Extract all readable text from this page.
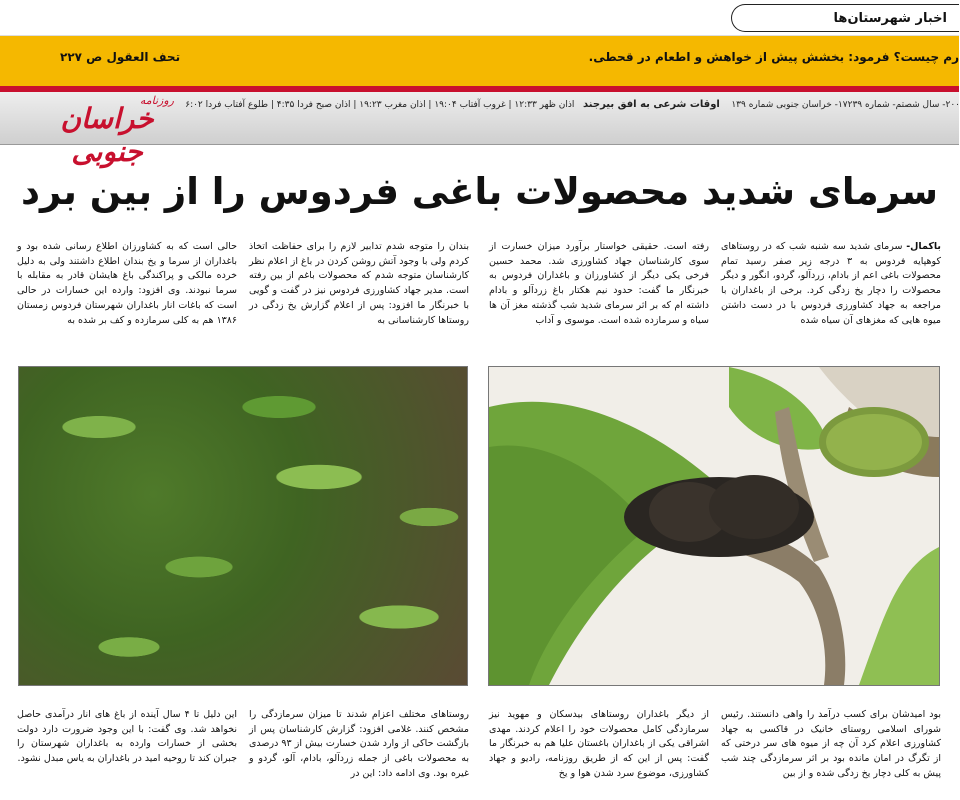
اخبار شهرستان‌ها
رم چیست؟ فرمود: بخشش پیش از خواهش و اطعام در قحطی.
تحف العقول ص ۲۲۷
۲۰۰- سال شصتم- شماره ۱۷۲۳۹- خراسان جنوبی شماره ۱۳۹    اوقات شرعی به افق بیرجند   اذان ظهر ۱۲:۳۳ | غروب آفتاب ۱۹:۰۴ | اذان مغرب ۱۹:۲۳ | اذان صبح فردا ۴:۳۵ | طلوع آفتاب فردا ۶:۰۲
روزنامه
خراسان جنوبی
سرمای شدید محصولات باغی فردوس را از بین برد
باکمال- سرمای شدید سه شنبه شب که در روستاهای کوهپایه فردوس به ۳ درجه زیر صفر رسید تمام محصولات باغی اعم از بادام، زردآلو، گردو، انگور و دیگر محصولات را دچار یخ زدگی کرد. برخی از باغداران با مراجعه به جهاد کشاورزی فردوس با در دست داشتن میوه هایی که مغزهای آن سیاه شده
رفته است. حقیقی خواستار برآورد میزان خسارت از سوی کارشناسان جهاد کشاورزی شد. محمد حسین فرخی یکی دیگر از کشاورزان و باغداران فردوس به خبرنگار ما گفت: حدود نیم هکتار باغ زردآلو و بادام داشته ام که بر اثر سرمای شدید شب گذشته مغز آن ها سیاه و سرمازده شده است. موسوی و آداب
بندان را متوجه شدم تدابیر لازم را برای حفاظت اتخاذ کردم ولی با وجود آتش روشن کردن در باغ از اعلام نظر کارشناسان متوجه شدم که محصولات باغم از بین رفته است. مدیر جهاد کشاورزی فردوس نیز در گفت و گویی با خبرنگار ما افزود: پس از اعلام گزارش یخ زدگی در روستاها کارشناسانی به
حالی است که به کشاورزان اطلاع رسانی شده بود و باغداران از سرما و یخ بندان اطلاع داشتند ولی به دلیل خرده مالکی و پراکندگی باغ هایشان قادر به مقابله با سرما نبودند. وی افزود: وارده این خسارات در حالی است که باغات انار باغداران شهرستان فردوس زمستان ۱۳۸۶ هم به کلی سرمازده و کف بر شده به
بود امیدشان برای کسب درآمد را واهی دانستند. رئیس شورای اسلامی روستای خانیک در قاکسی به جهاد کشاورزی اعلام کرد آن چه از میوه های سر درختی که از تگرگ در امان مانده بود بر اثر سرمازدگی چند شب پیش به کلی دچار یخ زدگی شده و از بین
از دیگر باغداران روستاهای بیدسکان و مهوید نیز سرمازدگی کامل محصولات خود را اعلام کردند. مهدی اشراقی یکی از باغداران باغستان علیا هم به خبرنگار ما گفت: پس از این که از طریق روزنامه، رادیو و جهاد کشاورزی، موضوع سرد شدن هوا و یخ
روستاهای مختلف اعزام شدند تا میزان سرمازدگی را مشخص کنند. غلامی افزود: گزارش کارشناسان پس از بازگشت حاکی از وارد شدن خسارت بیش از ۹۳ درصدی به محصولات باغی از جمله زردآلو، بادام، آلو، گردو و غیره بود. وی ادامه داد: این در
این دلیل تا ۴ سال آینده از باغ های انار درآمدی حاصل نخواهد شد. وی گفت: با این وجود ضرورت دارد دولت بخشی از خسارات وارده به باغداران شهرستان را جبران کند تا روحیه امید در باغداران به یاس مبدل نشود.
